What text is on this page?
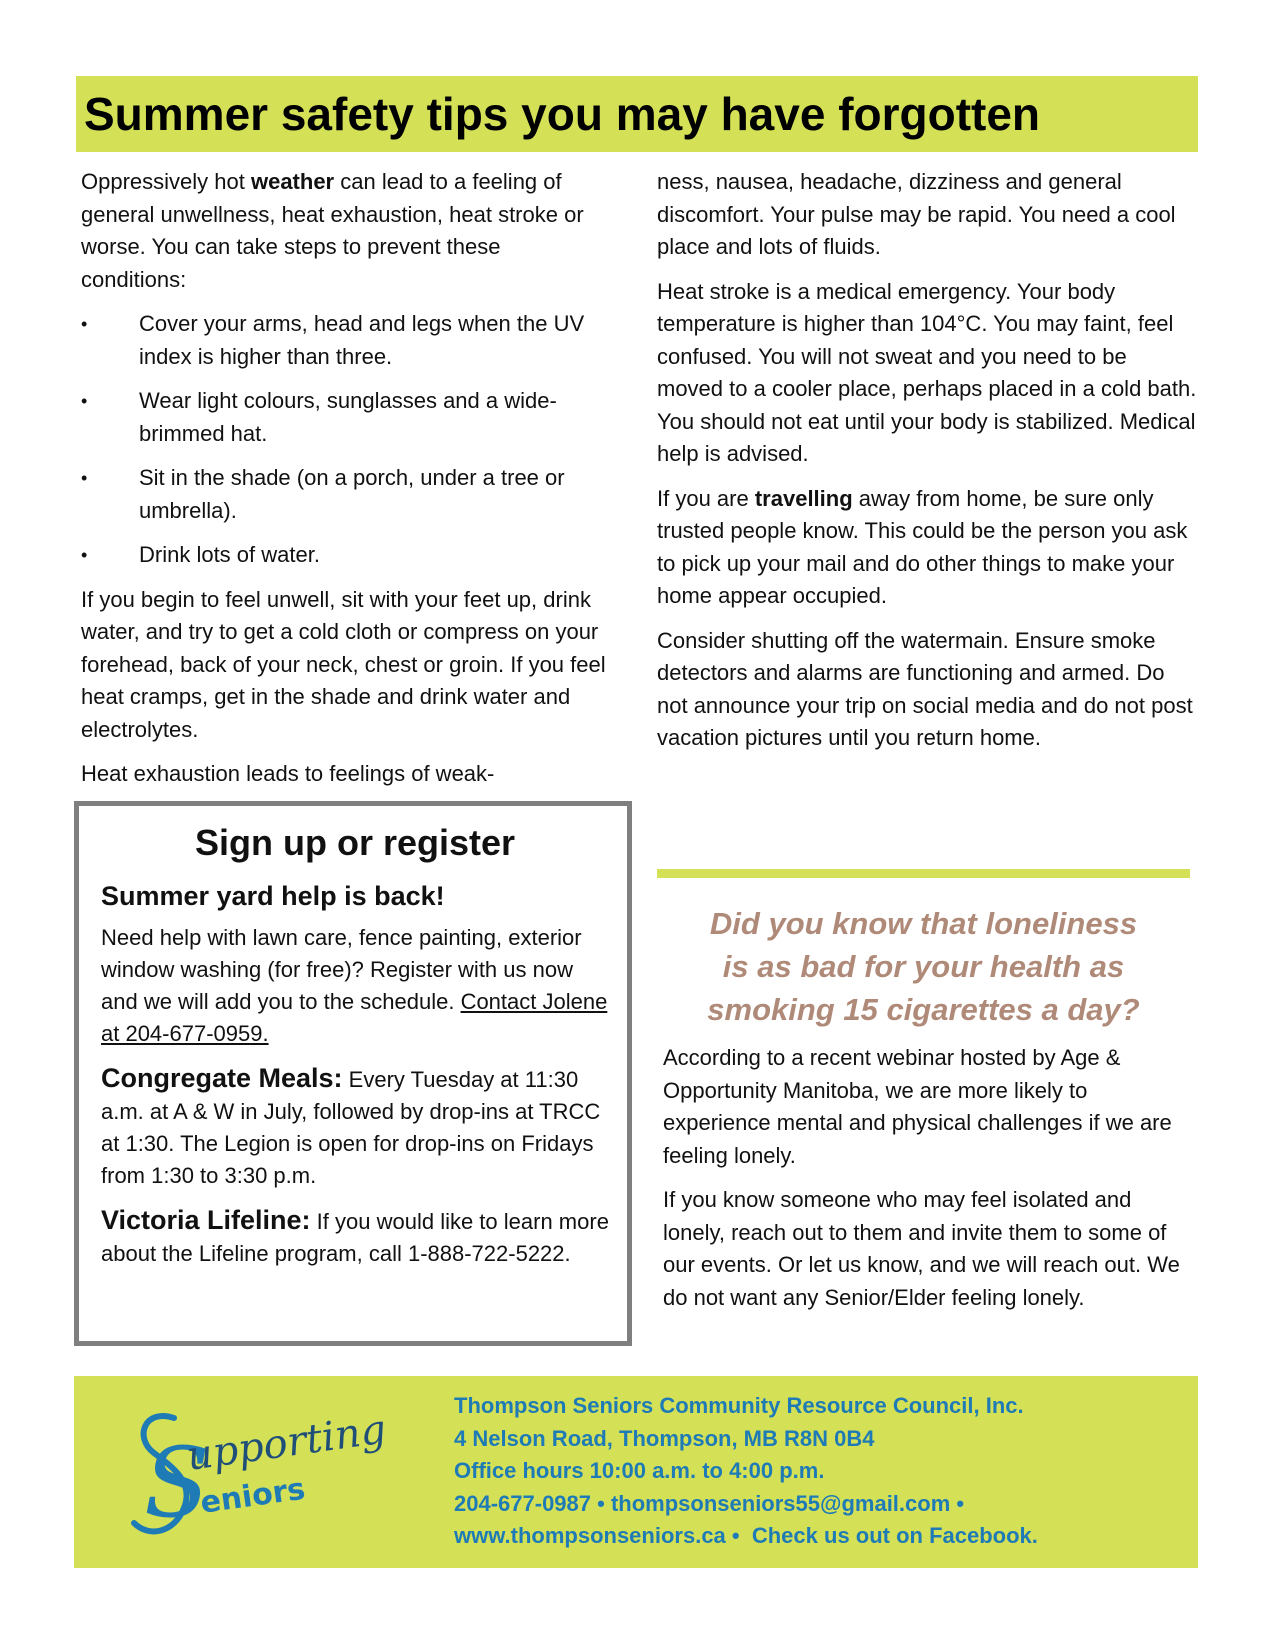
Summer safety tips you may have forgotten

Oppressively hot weather can lead to a feeling of general unwellness, heat exhaustion, heat stroke or worse. You can take steps to prevent these conditions:

• Cover your arms, head and legs when the UV index is higher than three.
• Wear light colours, sunglasses and a wide-brimmed hat.
• Sit in the shade (on a porch, under a tree or umbrella).
• Drink lots of water.

If you begin to feel unwell, sit with your feet up, drink water, and try to get a cold cloth or compress on your forehead, back of your neck, chest or groin. If you feel heat cramps, get in the shade and drink water and electrolytes.

Heat exhaustion leads to feelings of weak-

Sign up or register
Summer yard help is back!

Need help with lawn care, fence painting, exterior window washing (for free)? Register with us now and we will add you to the schedule. Contact Jolene at 204-677-0959.

Congregate Meals: Every Tuesday at 11:30 a.m. at A & W in July, followed by drop-ins at TRCC at 1:30. The Legion is open for drop-ins on Fridays from 1:30 to 3:30 p.m.

Victoria Lifeline: If you would like to learn more about the Lifeline program, call 1-888-722-5222.

ness, nausea, headache, dizziness and general discomfort. Your pulse may be rapid. You need a cool place and lots of fluids.

Heat stroke is a medical emergency. Your body temperature is higher than 104°C. You may faint, feel confused. You will not sweat and you need to be moved to a cooler place, perhaps placed in a cold bath. You should not eat until your body is stabilized. Medical help is advised.

If you are travelling away from home, be sure only trusted people know. This could be the person you ask to pick up your mail and do other things to make your home appear occupied.

Consider shutting off the watermain. Ensure smoke detectors and alarms are functioning and armed. Do not announce your trip on social media and do not post vacation pictures until you return home.

Did you know that loneliness
is as bad for your health as
smoking 15 cigarettes a day?

According to a recent webinar hosted by Age & Opportunity Manitoba, we are more likely to experience mental and physical challenges if we are feeling lonely.

If you know someone who may feel isolated and lonely, reach out to them and invite them to some of our events. Or let us know, and we will reach out. We do not want any Senior/Elder feeling lonely.

S
upporting
eniors
Thompson Seniors Community Resource Council, Inc.
4 Nelson Road, Thompson, MB R8N 0B4
Office hours 10:00 a.m. to 4:00 p.m.
204-677-0987 • thompsonseniors55@gmail.com •
www.thompsonseniors.ca • Check us out on Facebook.
